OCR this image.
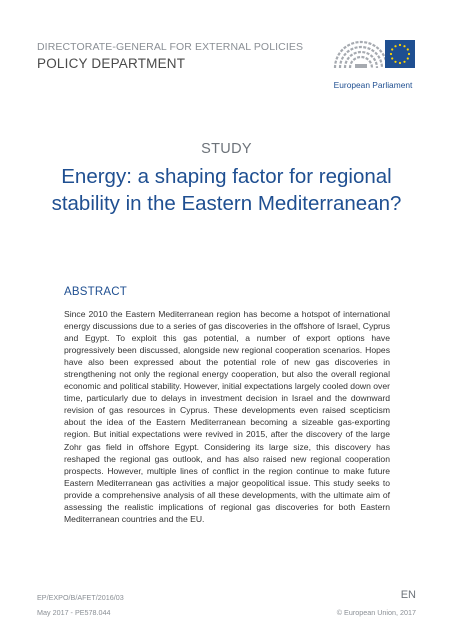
DIRECTORATE-GENERAL FOR EXTERNAL POLICIES
POLICY DEPARTMENT
European Parliament
STUDY
Energy: a shaping factor for regional stability in the Eastern Mediterranean?
ABSTRACT
Since 2010 the Eastern Mediterranean region has become a hotspot of international energy discussions due to a series of gas discoveries in the offshore of Israel, Cyprus and Egypt. To exploit this gas potential, a number of export options have progressively been discussed, alongside new regional cooperation scenarios. Hopes have also been expressed about the potential role of new gas discoveries in strengthening not only the regional energy cooperation, but also the overall regional economic and political stability. However, initial expectations largely cooled down over time, particularly due to delays in investment decision in Israel and the downward revision of gas resources in Cyprus. These developments even raised scepticism about the idea of the Eastern Mediterranean becoming a sizeable gas-exporting region. But initial expectations were revived in 2015, after the discovery of the large Zohr gas field in offshore Egypt. Considering its large size, this discovery has reshaped the regional gas outlook, and has also raised new regional cooperation prospects. However, multiple lines of conflict in the region continue to make future Eastern Mediterranean gas activities a major geopolitical issue. This study seeks to provide a comprehensive analysis of all these developments, with the ultimate aim of assessing the realistic implications of regional gas discoveries for both Eastern Mediterranean countries and the EU.
EP/EXPO/B/AFET/2016/03
May 2017 - PE578.044
EN
© European Union, 2017
